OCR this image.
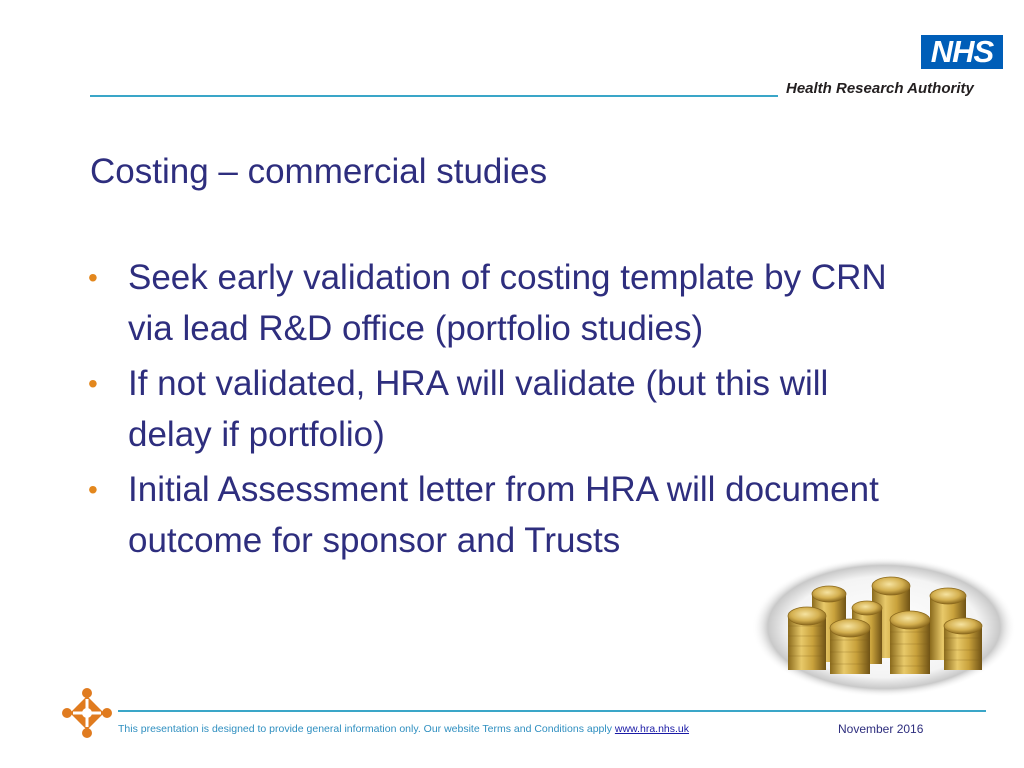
NHS
Health Research Authority
Costing – commercial studies
• Seek early validation of costing template by CRN via lead R&D office (portfolio studies)
• If not validated, HRA will validate (but this will delay if portfolio)
• Initial Assessment letter from HRA will document outcome for sponsor and Trusts
This presentation is designed to provide general information only. Our website Terms and Conditions apply www.hra.nhs.uk	November 2016
